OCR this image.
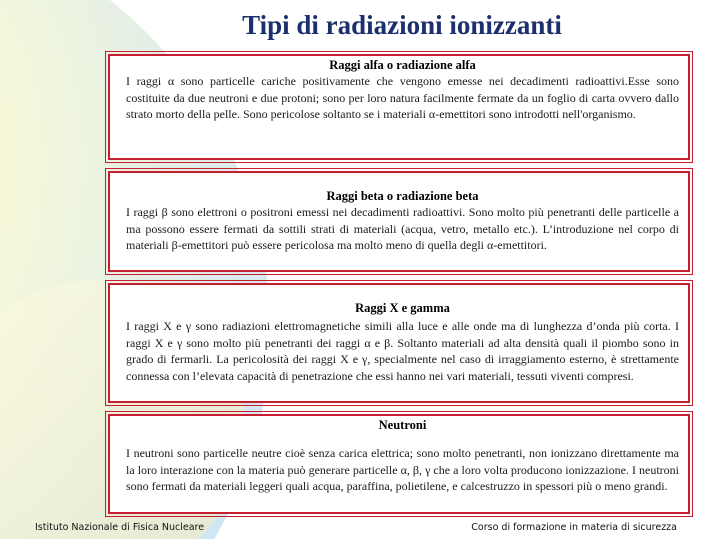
Tipi di radiazioni ionizzanti
Raggi alfa o radiazione alfa

I raggi α sono particelle cariche positivamente che vengono emesse nei decadimenti radioattivi.Esse sono costituite da due neutroni e due protoni; sono per loro natura facilmente fermate da un foglio di carta ovvero dallo strato morto della pelle. Sono pericolose soltanto se i materiali α-emettitori sono introdotti nell'organismo.

Raggi beta o radiazione beta

I raggi β sono elettroni o positroni emessi nei decadimenti radioattivi. Sono molto più penetranti delle particelle a ma possono essere fermati da sottili strati di materiali (acqua, vetro, metallo etc.). L’introduzione nel corpo di materiali β-emettitori può essere pericolosa ma molto meno di quella degli α-emettitori.

Raggi X e gamma

I raggi X e γ sono radiazioni elettromagnetiche simili alla luce e alle onde ma di lunghezza d’onda più corta. I raggi X e γ sono molto più penetranti dei raggi α e β. Soltanto materiali ad alta densità quali il piombo sono in grado di fermarli. La pericolosità dei raggi X e γ, specialmente nel caso di irraggiamento esterno, è strettamente connessa con l’elevata capacità di penetrazione che essi hanno nei vari materiali, tessuti viventi compresi.

Neutroni

I neutroni sono particelle neutre cioè senza carica elettrica; sono molto penetranti, non ionizzano direttamente ma la loro interazione con la materia può generare particelle α, β, γ che a loro volta producono ionizzazione. I neutroni sono fermati da materiali leggeri quali acqua, paraffina, polietilene, e calcestruzzo in spessori più o meno grandi.

Istituto Nazionale di Fisica Nucleare	Corso di formazione in materia di sicurezza
